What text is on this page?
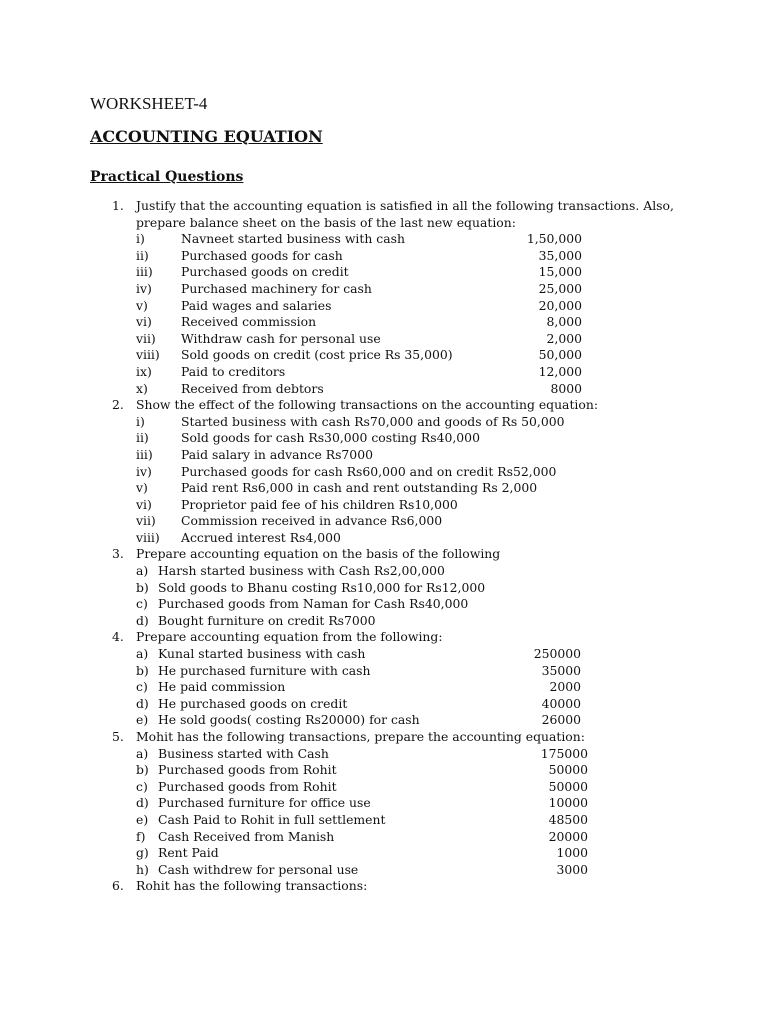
WORKSHEET-4
ACCOUNTING EQUATION
Practical Questions
1. Justify that the accounting equation is satisfied in all the following transactions. Also,
prepare balance sheet on the basis of the last new equation:
i)	Navneet started business with cash	1,50,000
ii)	Purchased goods for cash	35,000
iii) Purchased goods on credit	15,000
iv) Purchased machinery for cash	25,000
v)	Paid wages and salaries	20,000
vi) Received commission	8,000
vii) Withdraw cash for personal use	2,000
viii) Sold goods on credit (cost price Rs 35,000)	50,000
ix) Paid to creditors	12,000
x)	Received from debtors	8000
2. Show the effect of the following transactions on the accounting equation:
i)	Started business with cash Rs70,000 and goods of Rs 50,000
ii)	Sold goods for cash Rs30,000 costing Rs40,000
iii) Paid salary in advance Rs7000
iv) Purchased goods for cash Rs60,000 and on credit Rs52,000
v)	Paid rent Rs6,000 in cash and rent outstanding Rs 2,000
vi) Proprietor paid fee of his children Rs10,000
vii) Commission received in advance Rs6,000
viii) Accrued interest Rs4,000
3. Prepare accounting equation on the basis of the following
a) Harsh started business with Cash Rs2,00,000
b) Sold goods to Bhanu costing Rs10,000 for Rs12,000
c) Purchased goods from Naman for Cash Rs40,000
d) Bought furniture on credit Rs7000
4. Prepare accounting equation from the following:
a) Kunal started business with cash	250000
b) He purchased furniture with cash	35000
c) He paid commission	2000
d) He purchased goods on credit	40000
e) He sold goods( costing Rs20000) for cash	26000
5. Mohit has the following transactions, prepare the accounting equation:
a) Business started with Cash	175000
b) Purchased goods from Rohit	50000
c) Purchased goods from Rohit	50000
d) Purchased furniture for office use	10000
e) Cash Paid to Rohit in full settlement	48500
f) Cash Received from Manish	20000
g) Rent Paid	1000
h) Cash withdrew for personal use	3000
6. Rohit has the following transactions:
